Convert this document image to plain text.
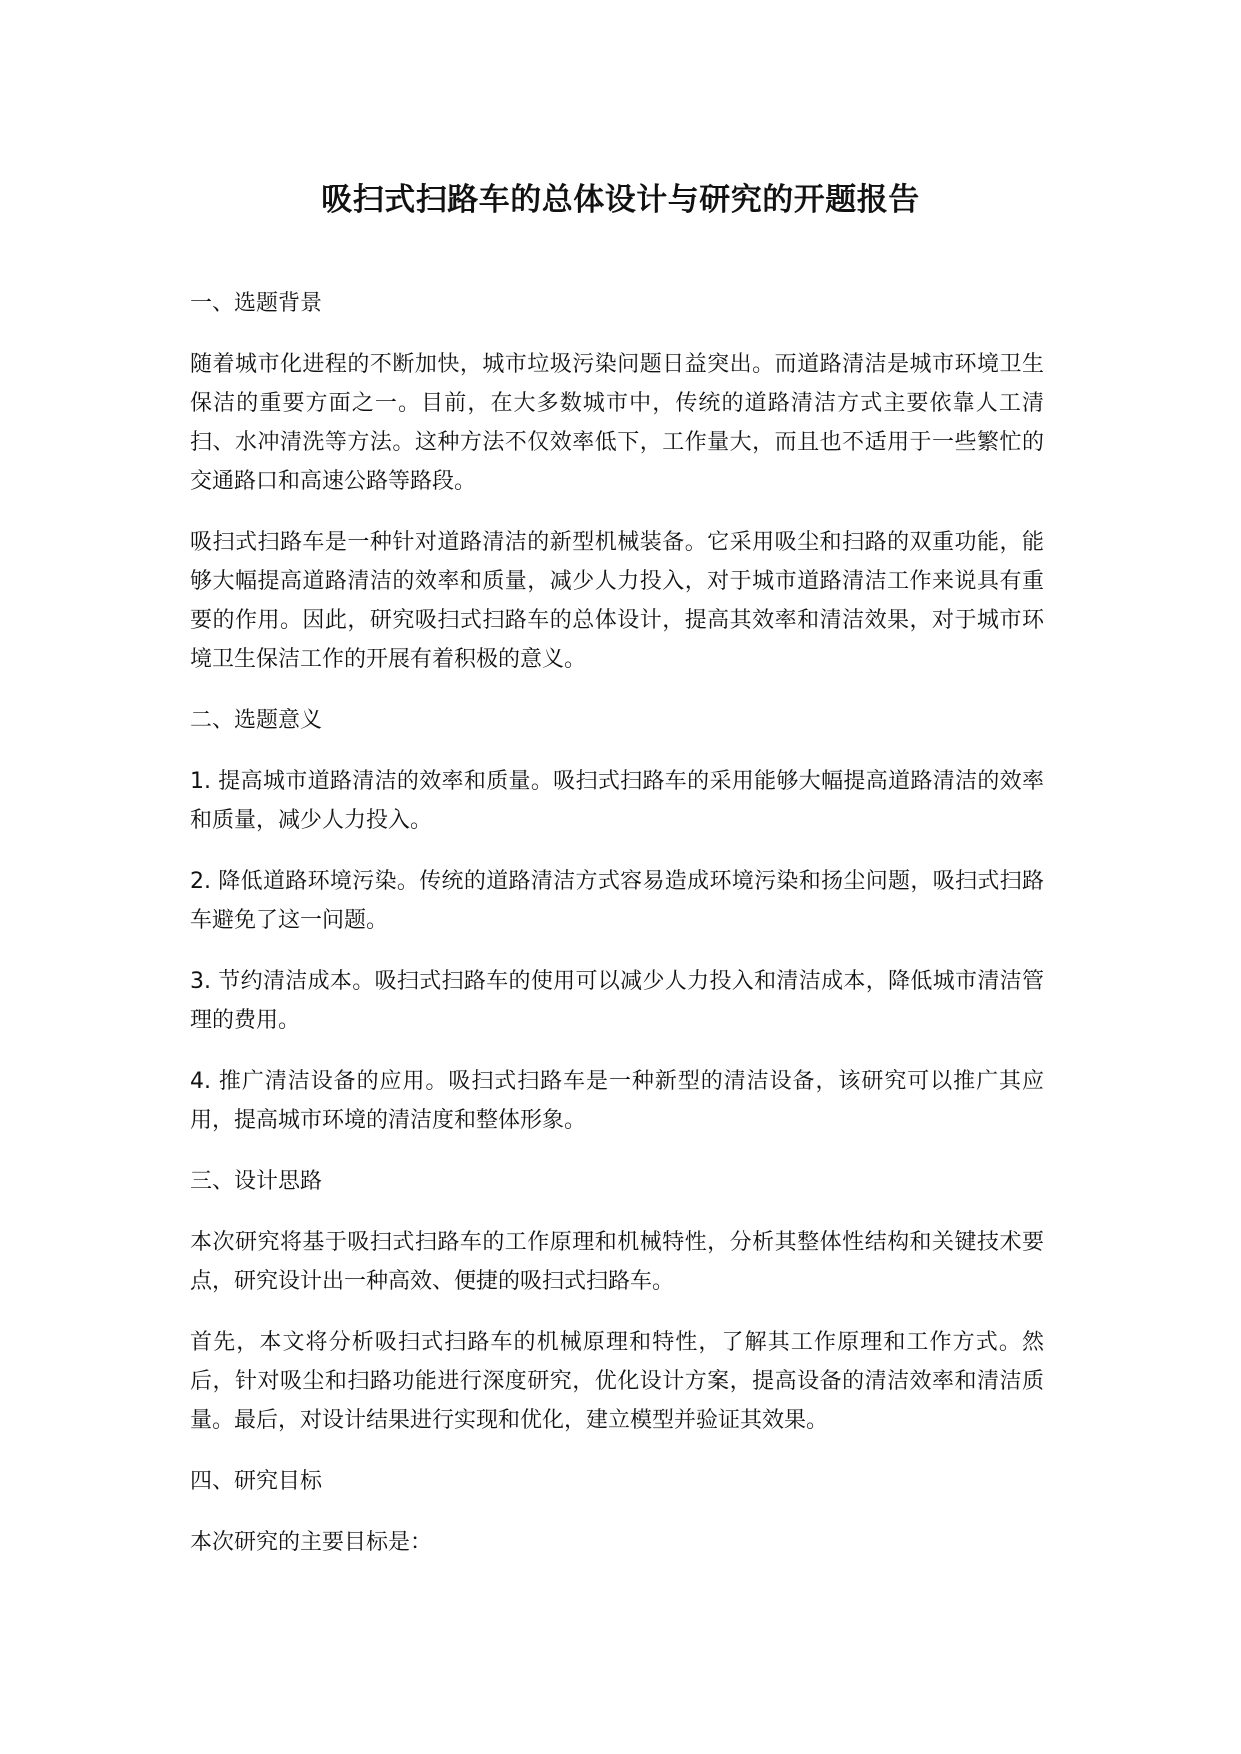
吸扫式扫路车的总体设计与研究的开题报告
一、选题背景

随着城市化进程的不断加快，城市垃圾污染问题日益突出。而道路清洁是城市环境卫生保洁的重要方面之一。目前，在大多数城市中，传统的道路清洁方式主要依靠人工清扫、水冲清洗等方法。这种方法不仅效率低下，工作量大，而且也不适用于一些繁忙的交通路口和高速公路等路段。

吸扫式扫路车是一种针对道路清洁的新型机械装备。它采用吸尘和扫路的双重功能，能够大幅提高道路清洁的效率和质量，减少人力投入，对于城市道路清洁工作来说具有重要的作用。因此，研究吸扫式扫路车的总体设计，提高其效率和清洁效果，对于城市环境卫生保洁工作的开展有着积极的意义。

二、选题意义

1. 提高城市道路清洁的效率和质量。吸扫式扫路车的采用能够大幅提高道路清洁的效率和质量，减少人力投入。

2. 降低道路环境污染。传统的道路清洁方式容易造成环境污染和扬尘问题，吸扫式扫路车避免了这一问题。

3. 节约清洁成本。吸扫式扫路车的使用可以减少人力投入和清洁成本，降低城市清洁管理的费用。

4. 推广清洁设备的应用。吸扫式扫路车是一种新型的清洁设备，该研究可以推广其应用，提高城市环境的清洁度和整体形象。

三、设计思路

本次研究将基于吸扫式扫路车的工作原理和机械特性，分析其整体性结构和关键技术要点，研究设计出一种高效、便捷的吸扫式扫路车。

首先，本文将分析吸扫式扫路车的机械原理和特性，了解其工作原理和工作方式。然后，针对吸尘和扫路功能进行深度研究，优化设计方案，提高设备的清洁效率和清洁质量。最后，对设计结果进行实现和优化，建立模型并验证其效果。

四、研究目标

本次研究的主要目标是：
